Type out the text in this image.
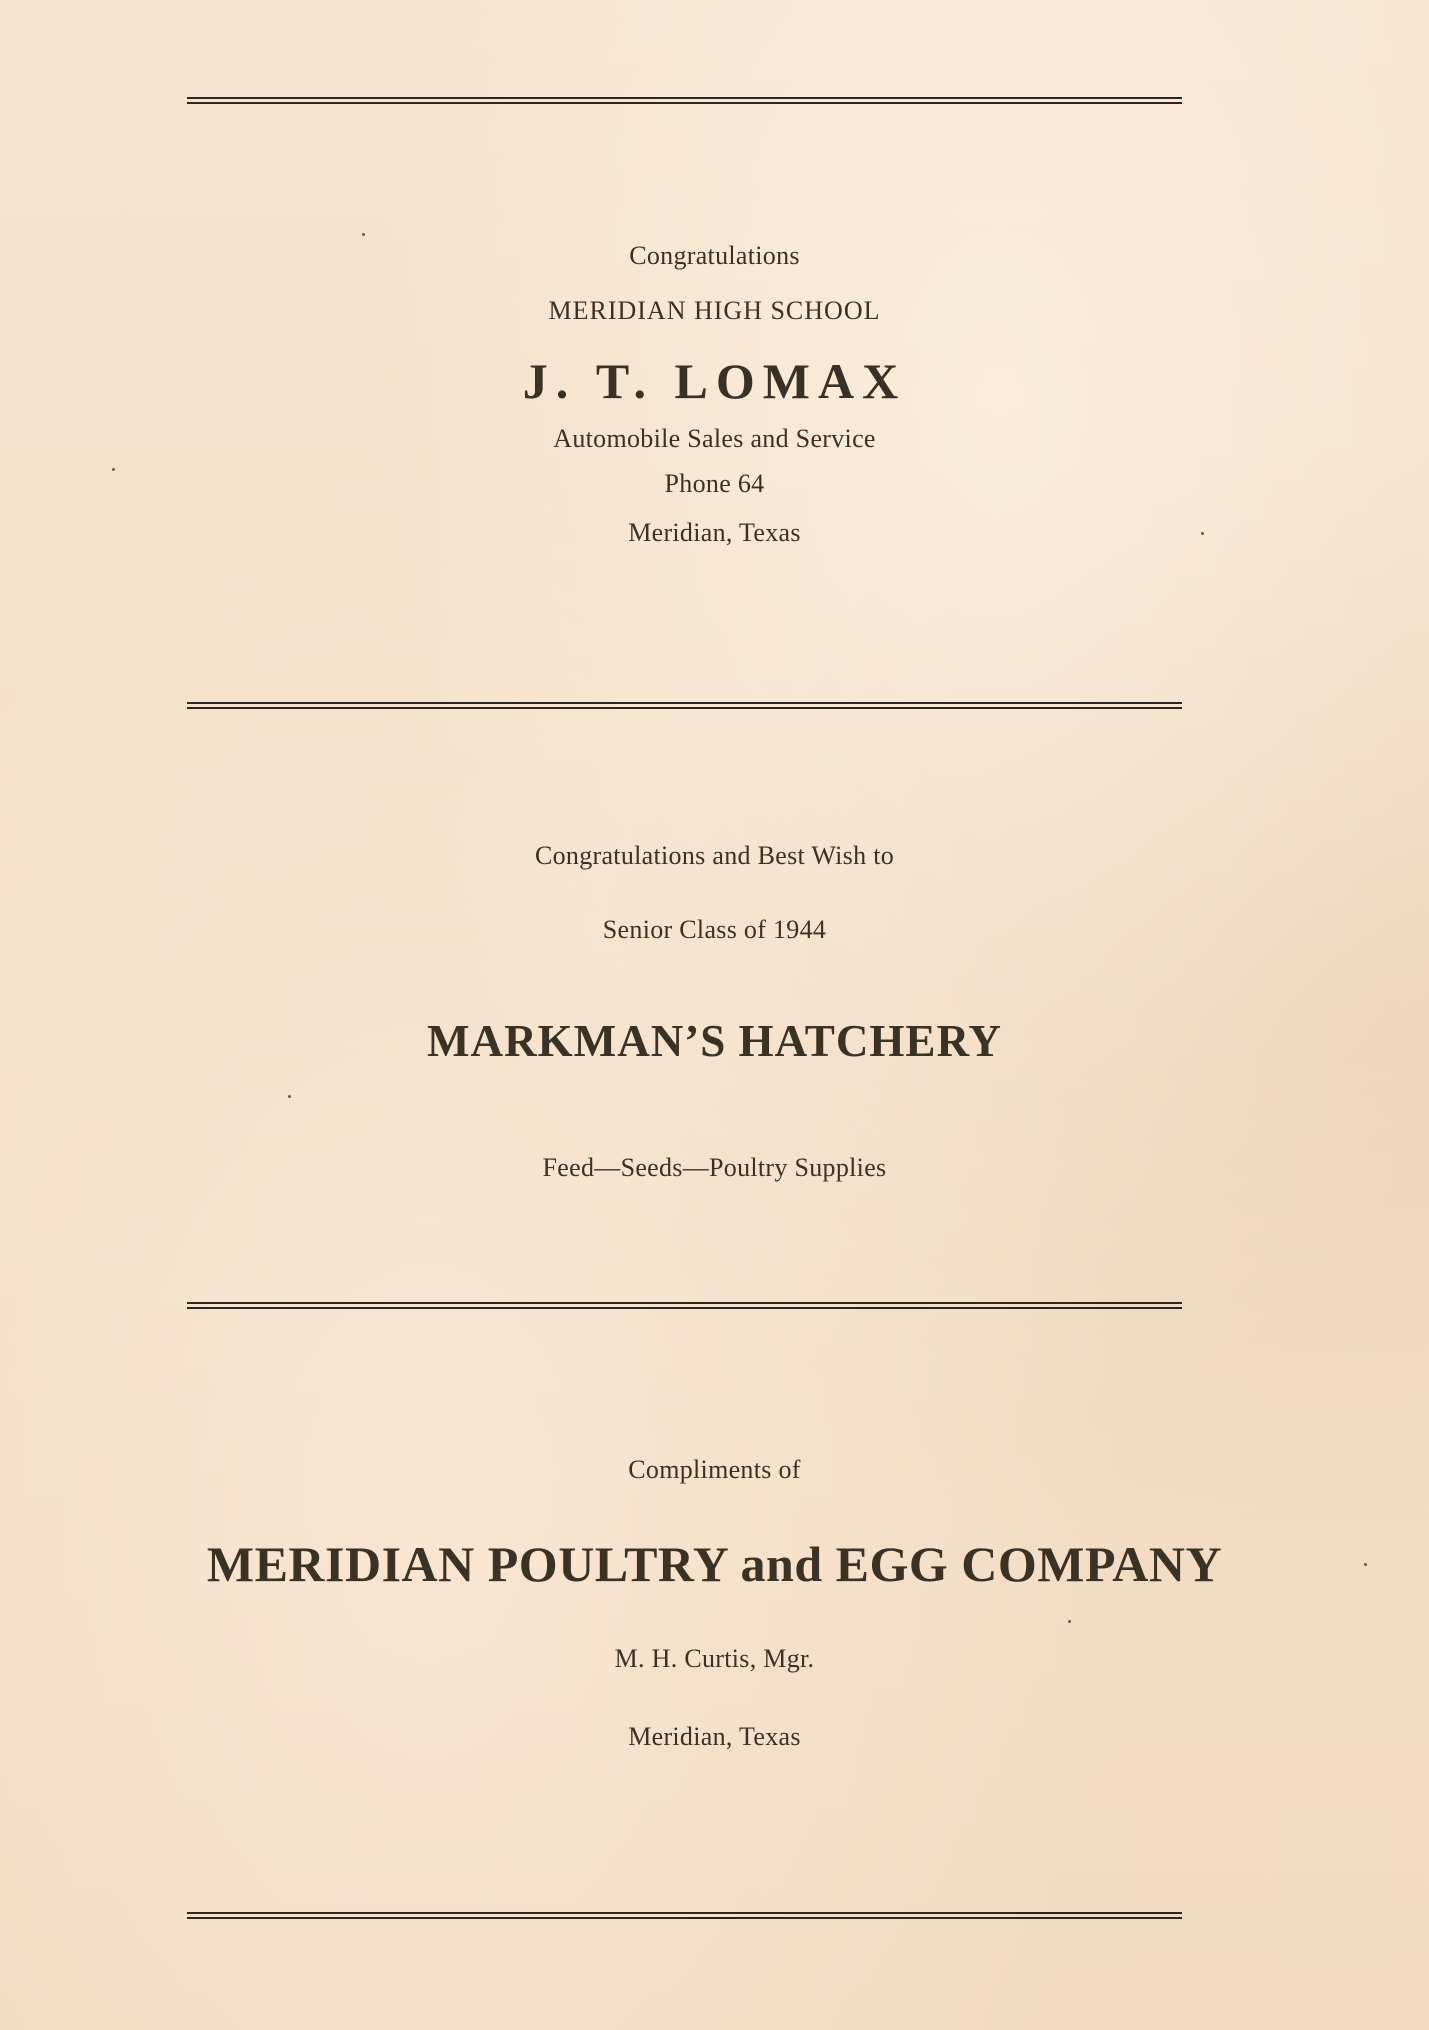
Congratulations

MERIDIAN HIGH SCHOOL

J. T. LOMAX

Automobile Sales and Service

Phone 64

Meridian, Texas

Congratulations and Best Wish to

Senior Class of 1944

MARKMAN’S HATCHERY

Feed—Seeds—Poultry Supplies

Compliments of

MERIDIAN POULTRY and EGG COMPANY

M. H. Curtis, Mgr.

Meridian, Texas
